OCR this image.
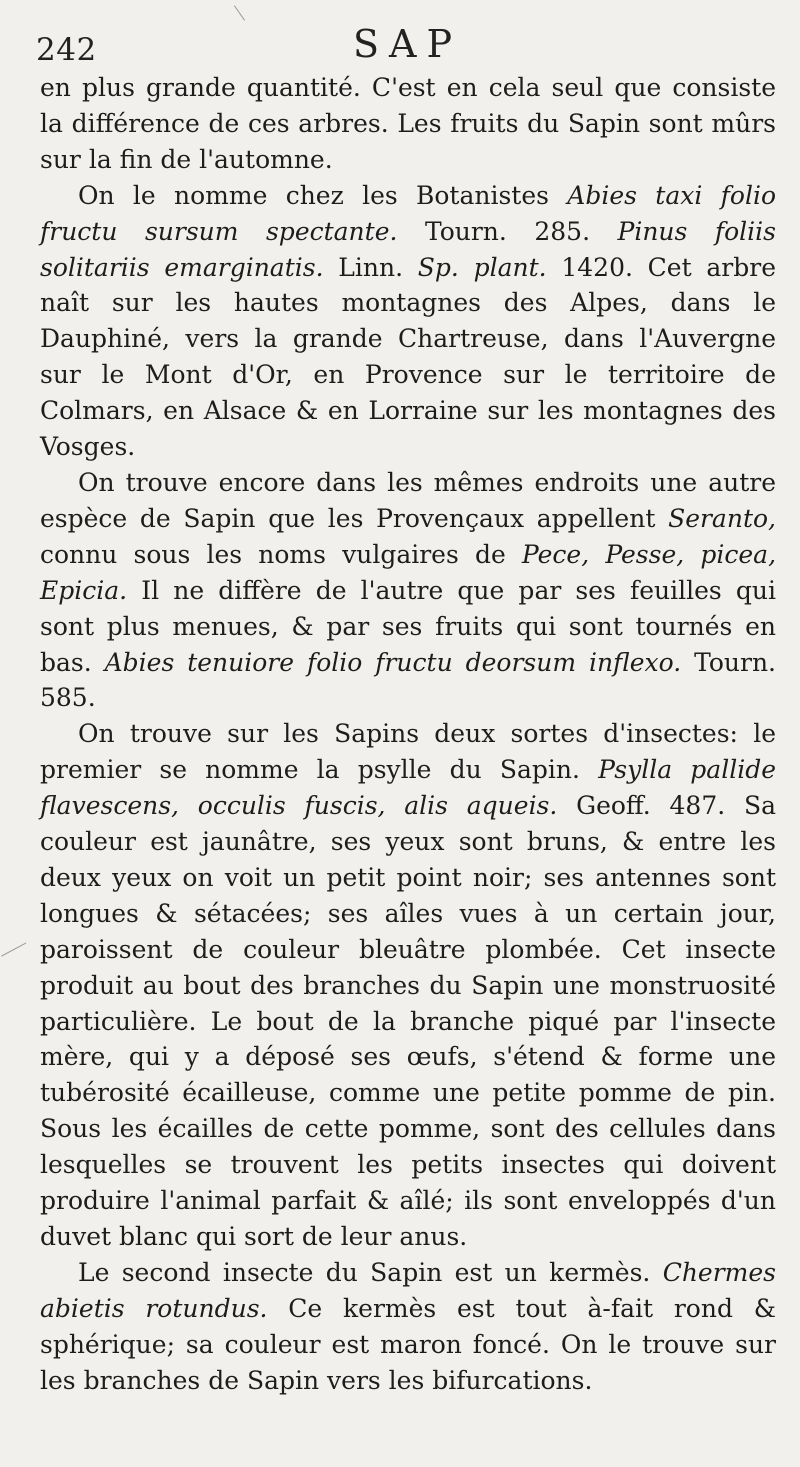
242	SAP

en plus grande quantité. C'est en cela seul que consiste la différence de ces arbres. Les fruits du Sapin sont mûrs sur la fin de l'automne.

On le nomme chez les Botanistes Abies taxi folio fructu sursum spectante. Tourn. 285. Pinus foliis solitariis emarginatis. Linn. Sp. plant. 1420. Cet arbre naît sur les hautes montagnes des Alpes, dans le Dauphiné, vers la grande Chartreuse, dans l'Auvergne sur le Mont d'Or, en Provence sur le territoire de Colmars, en Alsace & en Lorraine sur les montagnes des Vosges.

On trouve encore dans les mêmes endroits une autre espèce de Sapin que les Provençaux appellent Seranto, connu sous les noms vulgaires de Pece, Pesse, picea, Epicia. Il ne diffère de l'autre que par ses feuilles qui sont plus menues, & par ses fruits qui sont tournés en bas. Abies tenuiore folio fructu deorsum inflexo. Tourn. 585.

On trouve sur les Sapins deux sortes d'insectes: le premier se nomme la psylle du Sapin. Psylla pallide flavescens, occulis fuscis, alis aqueis. Geoff. 487. Sa couleur est jaunâtre, ses yeux sont bruns, & entre les deux yeux on voit un petit point noir; ses antennes sont longues & sétacées; ses aîles vues à un certain jour, paroissent de couleur bleuâtre plombée. Cet insecte produit au bout des branches du Sapin une monstruosité particulière. Le bout de la branche piqué par l'insecte mère, qui y a déposé ses œufs, s'étend & forme une tubérosité écailleuse, comme une petite pomme de pin. Sous les écailles de cette pomme, sont des cellules dans lesquelles se trouvent les petits insectes qui doivent produire l'animal parfait & aîlé; ils sont enveloppés d'un duvet blanc qui sort de leur anus.

Le second insecte du Sapin est un kermès. Chermes abietis rotundus. Ce kermès est tout à-fait rond & sphérique; sa couleur est maron foncé. On le trouve sur les branches de Sapin vers les bifurcations.
